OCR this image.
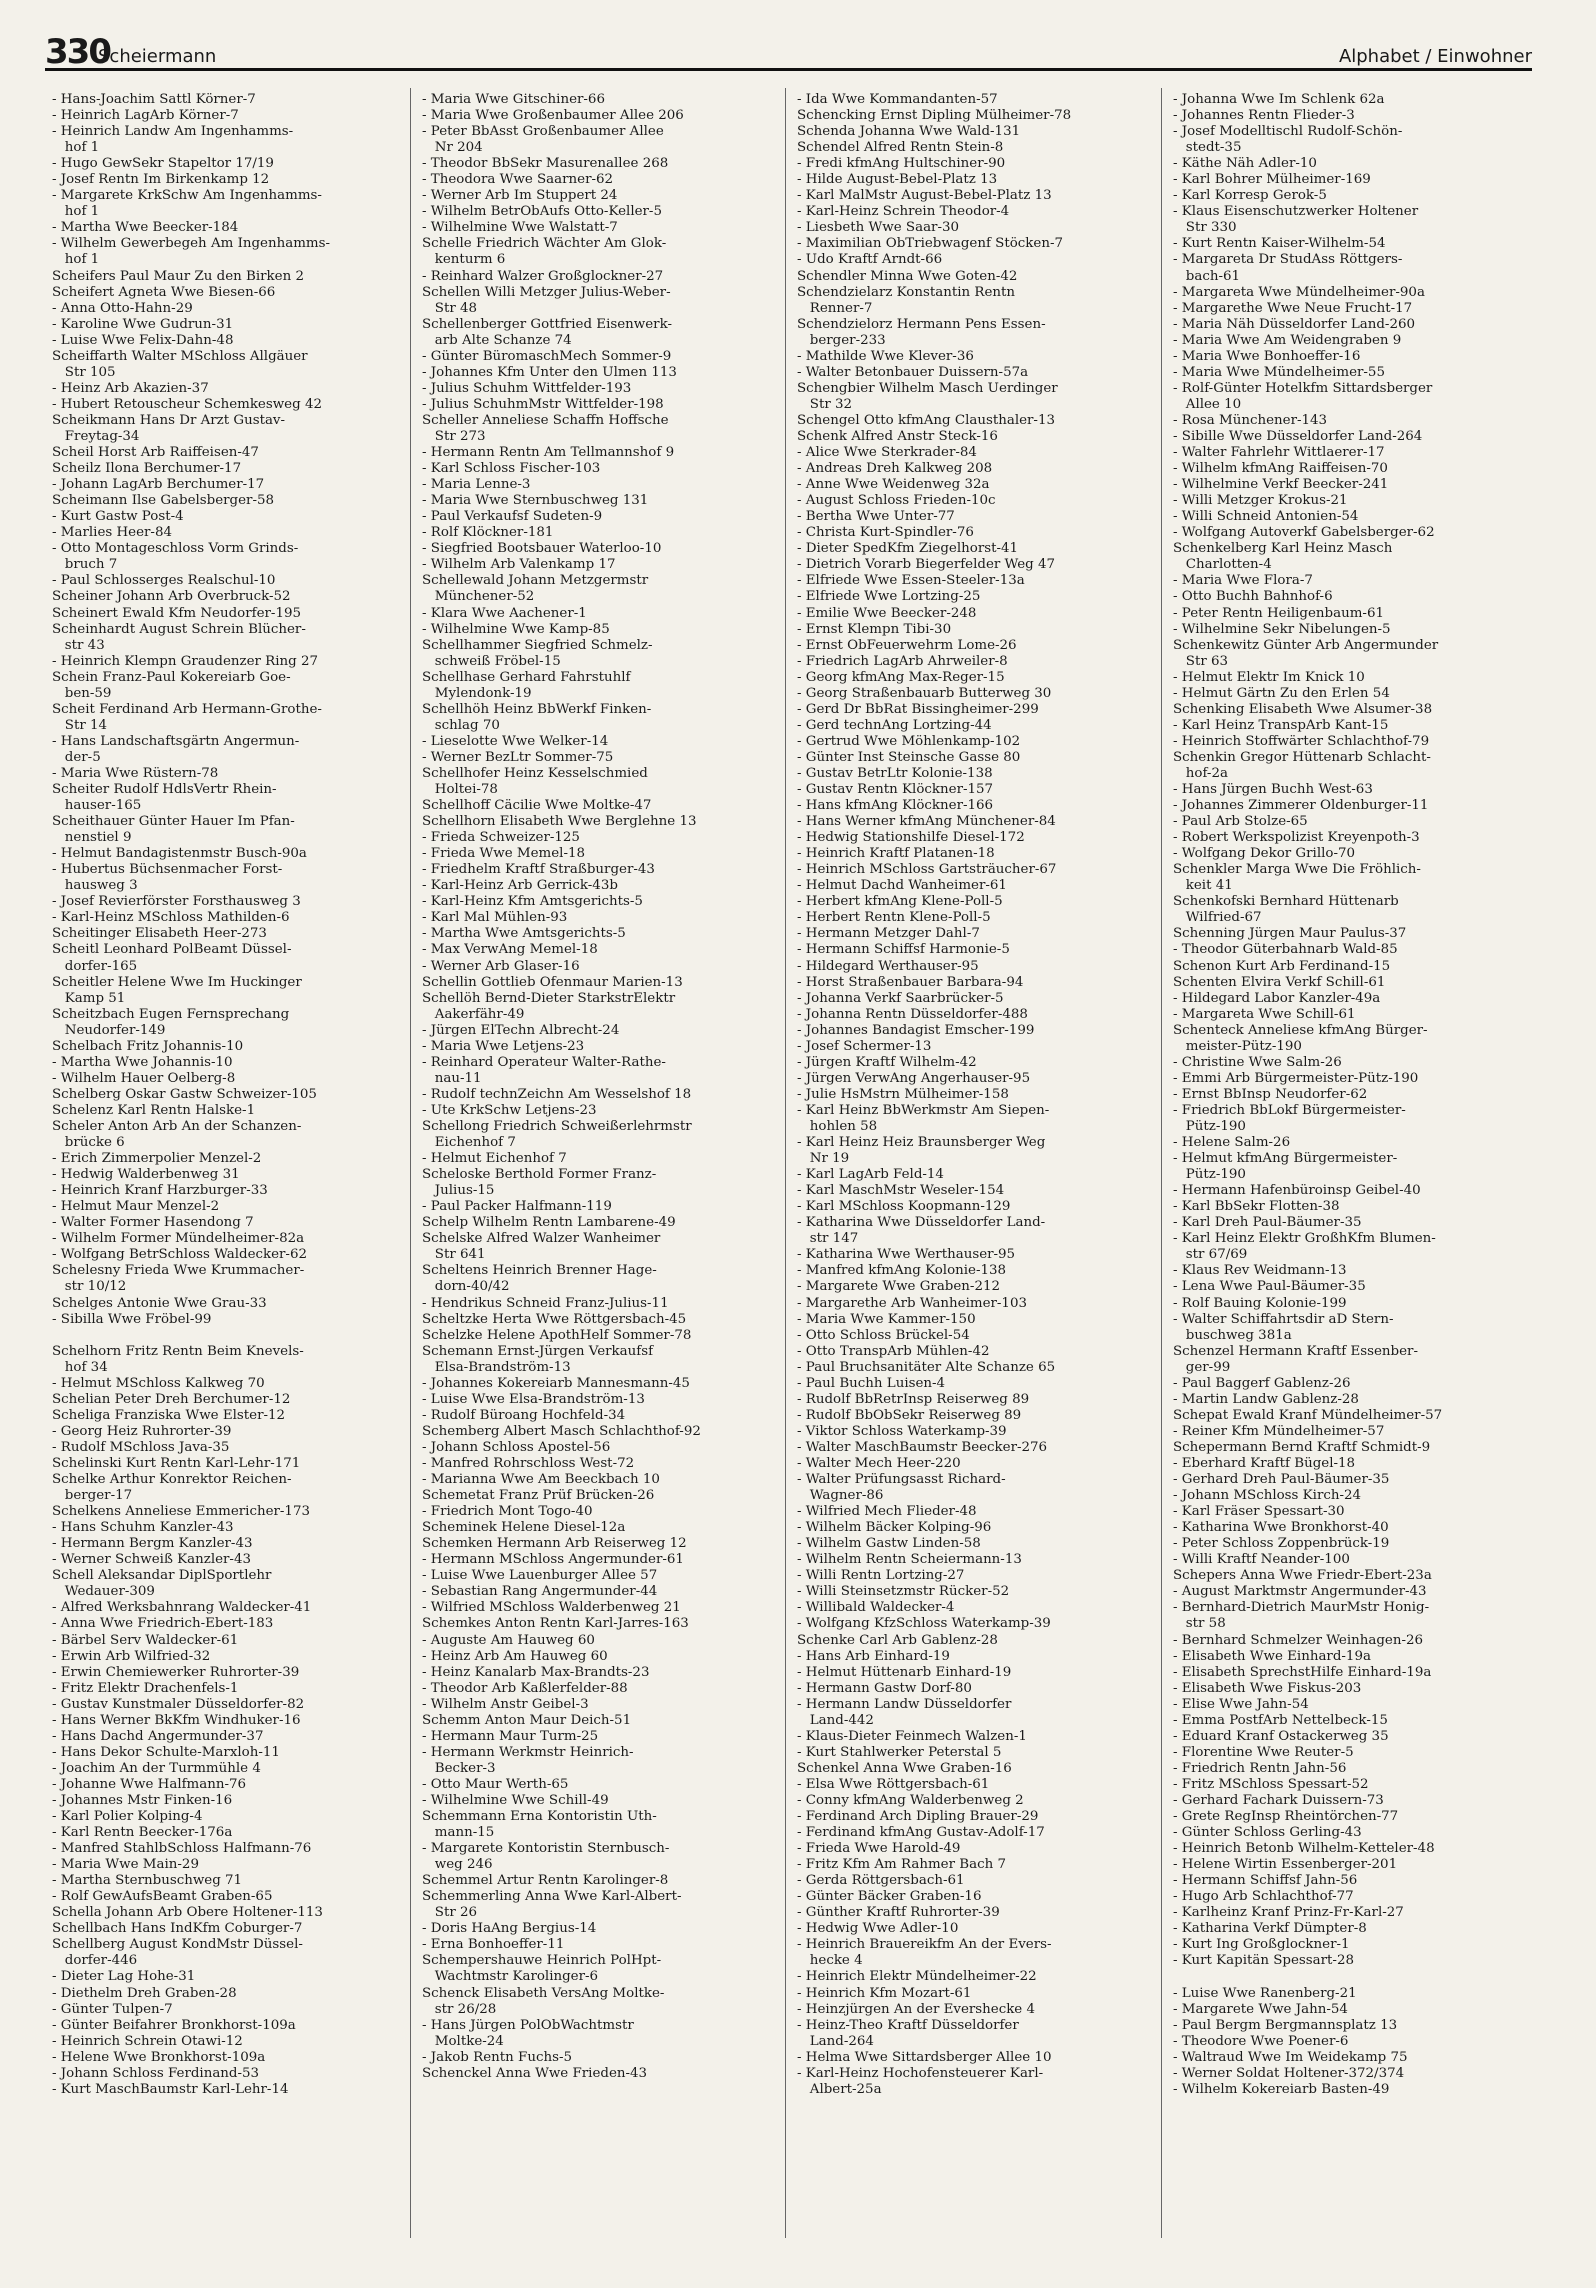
330
Scheiermann	Alphabet / Einwohner
- Hans-Joachim Sattl Körner-7
- Heinrich LagArb Körner-7
- Heinrich Landw Am Ingenhamms-
hof 1
- Hugo GewSekr Stapeltor 17/19
- Josef Rentn Im Birkenkamp 12
- Margarete KrkSchw Am Ingenhamms-
hof 1
- Martha Wwe Beecker-184
- Wilhelm Gewerbegeh Am Ingenhamms-
hof 1
Scheifers Paul Maur Zu den Birken 2
Scheifert Agneta Wwe Biesen-66
- Anna Otto-Hahn-29
- Karoline Wwe Gudrun-31
- Luise Wwe Felix-Dahn-48
Scheiffarth Walter MSchloss Allgäuer
Str 105
- Heinz Arb Akazien-37
- Hubert Retouscheur Schemkesweg 42
Scheikmann Hans Dr Arzt Gustav-
Freytag-34
Scheil Horst Arb Raiffeisen-47
Scheilz Ilona Berchumer-17
- Johann LagArb Berchumer-17
Scheimann Ilse Gabelsberger-58
- Kurt Gastw Post-4
- Marlies Heer-84
- Otto Montageschloss Vorm Grinds-
bruch 7
- Paul Schlosserges Realschul-10
Scheiner Johann Arb Overbruck-52
Scheinert Ewald Kfm Neudorfer-195
Scheinhardt August Schrein Blücher-
str 43
- Heinrich Klempn Graudenzer Ring 27
Schein Franz-Paul Kokereiarb Goe-
ben-59
Scheit Ferdinand Arb Hermann-Grothe-
Str 14
- Hans Landschaftsgärtn Angermun-
der-5
- Maria Wwe Rüstern-78
Scheiter Rudolf HdlsVertr Rhein-
hauser-165
Scheithauer Günter Hauer Im Pfan-
nenstiel 9
- Helmut Bandagistenmstr Busch-90a
- Hubertus Büchsenmacher Forst-
hausweg 3
- Josef Revierförster Forsthausweg 3
- Karl-Heinz MSchloss Mathilden-6
Scheitinger Elisabeth Heer-273
Scheitl Leonhard PolBeamt Düssel-
dorfer-165
Scheitler Helene Wwe Im Huckinger
Kamp 51
Scheitzbach Eugen Fernsprechang
Neudorfer-149
Schelbach Fritz Johannis-10
- Martha Wwe Johannis-10
- Wilhelm Hauer Oelberg-8
Schelberg Oskar Gastw Schweizer-105
Schelenz Karl Rentn Halske-1
Scheler Anton Arb An der Schanzen-
brücke 6
- Erich Zimmerpolier Menzel-2
- Hedwig Walderbenweg 31
- Heinrich Kranf Harzburger-33
- Helmut Maur Menzel-2
- Walter Former Hasendong 7
- Wilhelm Former Mündelheimer-82a
- Wolfgang BetrSchloss Waldecker-62
Schelesny Frieda Wwe Krummacher-
str 10/12
Schelges Antonie Wwe Grau-33
- Sibilla Wwe Fröbel-99

Schelhorn Fritz Rentn Beim Knevels-
hof 34
- Helmut MSchloss Kalkweg 70
Schelian Peter Dreh Berchumer-12
Scheliga Franziska Wwe Elster-12
- Georg Heiz Ruhrorter-39
- Rudolf MSchloss Java-35
Schelinski Kurt Rentn Karl-Lehr-171
Schelke Arthur Konrektor Reichen-
berger-17
Schelkens Anneliese Emmericher-173
- Hans Schuhm Kanzler-43
- Hermann Bergm Kanzler-43
- Werner Schweiß Kanzler-43
Schell Aleksandar DiplSportlehr
Wedauer-309
- Alfred Werksbahnrang Waldecker-41
- Anna Wwe Friedrich-Ebert-183
- Bärbel Serv Waldecker-61
- Erwin Arb Wilfried-32
- Erwin Chemiewerker Ruhrorter-39
- Fritz Elektr Drachenfels-1
- Gustav Kunstmaler Düsseldorfer-82
- Hans Werner BkKfm Windhuker-16
- Hans Dachd Angermunder-37
- Hans Dekor Schulte-Marxloh-11
- Joachim An der Turmmühle 4
- Johanne Wwe Halfmann-76
- Johannes Mstr Finken-16
- Karl Polier Kolping-4
- Karl Rentn Beecker-176a
- Manfred StahlbSchloss Halfmann-76
- Maria Wwe Main-29
- Martha Sternbuschweg 71
- Rolf GewAufsBeamt Graben-65
Schella Johann Arb Obere Holtener-113
Schellbach Hans IndKfm Coburger-7
Schellberg August KondMstr Düssel-
dorfer-446
- Dieter Lag Hohe-31
- Diethelm Dreh Graben-28
- Günter Tulpen-7
- Günter Beifahrer Bronkhorst-109a
- Heinrich Schrein Otawi-12
- Helene Wwe Bronkhorst-109a
- Johann Schloss Ferdinand-53
- Kurt MaschBaumstr Karl-Lehr-14
- Maria Wwe Gitschiner-66
- Maria Wwe Großenbaumer Allee 206
- Peter BbAsst Großenbaumer Allee
Nr 204
- Theodor BbSekr Masurenallee 268
- Theodora Wwe Saarner-62
- Werner Arb Im Stuppert 24
- Wilhelm BetrObAufs Otto-Keller-5
- Wilhelmine Wwe Walstatt-7
Schelle Friedrich Wächter Am Glok-
kenturm 6
- Reinhard Walzer Großglockner-27
Schellen Willi Metzger Julius-Weber-
Str 48
Schellenberger Gottfried Eisenwerk-
arb Alte Schanze 74
- Günter BüromaschMech Sommer-9
- Johannes Kfm Unter den Ulmen 113
- Julius Schuhm Wittfelder-193
- Julius SchuhmMstr Wittfelder-198
Scheller Anneliese Schaffn Hoffsche
Str 273
- Hermann Rentn Am Tellmannshof 9
- Karl Schloss Fischer-103
- Maria Lenne-3
- Maria Wwe Sternbuschweg 131
- Paul Verkaufsf Sudeten-9
- Rolf Klöckner-181
- Siegfried Bootsbauer Waterloo-10
- Wilhelm Arb Valenkamp 17
Schellewald Johann Metzgermstr
Münchener-52
- Klara Wwe Aachener-1
- Wilhelmine Wwe Kamp-85
Schellhammer Siegfried Schmelz-
schweiß Fröbel-15
Schellhase Gerhard Fahrstuhlf
Mylendonk-19
Schellhöh Heinz BbWerkf Finken-
schlag 70
- Lieselotte Wwe Welker-14
- Werner BezLtr Sommer-75
Schellhofer Heinz Kesselschmied
Holtei-78
Schellhoff Cäcilie Wwe Moltke-47
Schellhorn Elisabeth Wwe Berglehne 13
- Frieda Schweizer-125
- Frieda Wwe Memel-18
- Friedhelm Kraftf Straßburger-43
- Karl-Heinz Arb Gerrick-43b
- Karl-Heinz Kfm Amtsgerichts-5
- Karl Mal Mühlen-93
- Martha Wwe Amtsgerichts-5
- Max VerwAng Memel-18
- Werner Arb Glaser-16
Schellin Gottlieb Ofenmaur Marien-13
Schellöh Bernd-Dieter StarkstrElektr
Aakerfähr-49
- Jürgen ElTechn Albrecht-24
- Maria Wwe Letjens-23
- Reinhard Operateur Walter-Rathe-
nau-11
- Rudolf technZeichn Am Wesselshof 18
- Ute KrkSchw Letjens-23
Schellong Friedrich Schweißerlehrmstr
Eichenhof 7
- Helmut Eichenhof 7
Scheloske Berthold Former Franz-
Julius-15
- Paul Packer Halfmann-119
Schelp Wilhelm Rentn Lambarene-49
Schelske Alfred Walzer Wanheimer
Str 641
Scheltens Heinrich Brenner Hage-
dorn-40/42
- Hendrikus Schneid Franz-Julius-11
Scheltzke Herta Wwe Röttgersbach-45
Schelzke Helene ApothHelf Sommer-78
Schemann Ernst-Jürgen Verkaufsf
Elsa-Brandström-13
- Johannes Kokereiarb Mannesmann-45
- Luise Wwe Elsa-Brandström-13
- Rudolf Büroang Hochfeld-34
Schemberg Albert Masch Schlachthof-92
- Johann Schloss Apostel-56
- Manfred Rohrschloss West-72
- Marianna Wwe Am Beeckbach 10
Schemetat Franz Prüf Brücken-26
- Friedrich Mont Togo-40
Scheminek Helene Diesel-12a
Schemken Hermann Arb Reiserweg 12
- Hermann MSchloss Angermunder-61
- Luise Wwe Lauenburger Allee 57
- Sebastian Rang Angermunder-44
- Wilfried MSchloss Walderbenweg 21
Schemkes Anton Rentn Karl-Jarres-163
- Auguste Am Hauweg 60
- Heinz Arb Am Hauweg 60
- Heinz Kanalarb Max-Brandts-23
- Theodor Arb Kaßlerfelder-88
- Wilhelm Anstr Geibel-3
Schemm Anton Maur Deich-51
- Hermann Maur Turm-25
- Hermann Werkmstr Heinrich-
Becker-3
- Otto Maur Werth-65
- Wilhelmine Wwe Schill-49
Schemmann Erna Kontoristin Uth-
mann-15
- Margarete Kontoristin Sternbusch-
weg 246
Schemmel Artur Rentn Karolinger-8
Schemmerling Anna Wwe Karl-Albert-
Str 26
- Doris HaAng Bergius-14
- Erna Bonhoeffer-11
Schempershauwe Heinrich PolHpt-
Wachtmstr Karolinger-6
Schenck Elisabeth VersAng Moltke-
str 26/28
- Hans Jürgen PolObWachtmstr
Moltke-24
- Jakob Rentn Fuchs-5
Schenckel Anna Wwe Frieden-43
- Ida Wwe Kommandanten-57
Schencking Ernst Dipling Mülheimer-78
Schenda Johanna Wwe Wald-131
Schendel Alfred Rentn Stein-8
- Fredi kfmAng Hultschiner-90
- Hilde August-Bebel-Platz 13
- Karl MalMstr August-Bebel-Platz 13
- Karl-Heinz Schrein Theodor-4
- Liesbeth Wwe Saar-30
- Maximilian ObTriebwagenf Stöcken-7
- Udo Kraftf Arndt-66
Schendler Minna Wwe Goten-42
Schendzielarz Konstantin Rentn
Renner-7
Schendzielorz Hermann Pens Essen-
berger-233
- Mathilde Wwe Klever-36
- Walter Betonbauer Duissern-57a
Schengbier Wilhelm Masch Uerdinger
Str 32
Schengel Otto kfmAng Clausthaler-13
Schenk Alfred Anstr Steck-16
- Alice Wwe Sterkrader-84
- Andreas Dreh Kalkweg 208
- Anne Wwe Weidenweg 32a
- August Schloss Frieden-10c
- Bertha Wwe Unter-77
- Christa Kurt-Spindler-76
- Dieter SpedKfm Ziegelhorst-41
- Dietrich Vorarb Biegerfelder Weg 47
- Elfriede Wwe Essen-Steeler-13a
- Elfriede Wwe Lortzing-25
- Emilie Wwe Beecker-248
- Ernst Klempn Tibi-30
- Ernst ObFeuerwehrm Lome-26
- Friedrich LagArb Ahrweiler-8
- Georg kfmAng Max-Reger-15
- Georg Straßenbauarb Butterweg 30
- Gerd Dr BbRat Bissingheimer-299
- Gerd technAng Lortzing-44
- Gertrud Wwe Möhlenkamp-102
- Günter Inst Steinsche Gasse 80
- Gustav BetrLtr Kolonie-138
- Gustav Rentn Klöckner-157
- Hans kfmAng Klöckner-166
- Hans Werner kfmAng Münchener-84
- Hedwig Stationshilfe Diesel-172
- Heinrich Kraftf Platanen-18
- Heinrich MSchloss Gartsträucher-67
- Helmut Dachd Wanheimer-61
- Herbert kfmAng Klene-Poll-5
- Herbert Rentn Klene-Poll-5
- Hermann Metzger Dahl-7
- Hermann Schiffsf Harmonie-5
- Hildegard Werthauser-95
- Horst Straßenbauer Barbara-94
- Johanna Verkf Saarbrücker-5
- Johanna Rentn Düsseldorfer-488
- Johannes Bandagist Emscher-199
- Josef Schermer-13
- Jürgen Kraftf Wilhelm-42
- Jürgen VerwAng Angerhauser-95
- Julie HsMstrn Mülheimer-158
- Karl Heinz BbWerkmstr Am Siepen-
hohlen 58
- Karl Heinz Heiz Braunsberger Weg
Nr 19
- Karl LagArb Feld-14
- Karl MaschMstr Weseler-154
- Karl MSchloss Koopmann-129
- Katharina Wwe Düsseldorfer Land-
str 147
- Katharina Wwe Werthauser-95
- Manfred kfmAng Kolonie-138
- Margarete Wwe Graben-212
- Margarethe Arb Wanheimer-103
- Maria Wwe Kammer-150
- Otto Schloss Brückel-54
- Otto TranspArb Mühlen-42
- Paul Bruchsanitäter Alte Schanze 65
- Paul Buchh Luisen-4
- Rudolf BbRetrInsp Reiserweg 89
- Rudolf BbObSekr Reiserweg 89
- Viktor Schloss Waterkamp-39
- Walter MaschBaumstr Beecker-276
- Walter Mech Heer-220
- Walter Prüfungsasst Richard-
Wagner-86
- Wilfried Mech Flieder-48
- Wilhelm Bäcker Kolping-96
- Wilhelm Gastw Linden-58
- Wilhelm Rentn Scheiermann-13
- Willi Rentn Lortzing-27
- Willi Steinsetzmstr Rücker-52
- Willibald Waldecker-4
- Wolfgang KfzSchloss Waterkamp-39
Schenke Carl Arb Gablenz-28
- Hans Arb Einhard-19
- Helmut Hüttenarb Einhard-19
- Hermann Gastw Dorf-80
- Hermann Landw Düsseldorfer
Land-442
- Klaus-Dieter Feinmech Walzen-1
- Kurt Stahlwerker Peterstal 5
Schenkel Anna Wwe Graben-16
- Elsa Wwe Röttgersbach-61
- Conny kfmAng Walderbenweg 2
- Ferdinand Arch Dipling Brauer-29
- Ferdinand kfmAng Gustav-Adolf-17
- Frieda Wwe Harold-49
- Fritz Kfm Am Rahmer Bach 7
- Gerda Röttgersbach-61
- Günter Bäcker Graben-16
- Günther Kraftf Ruhrorter-39
- Hedwig Wwe Adler-10
- Heinrich Brauereikfm An der Evers-
hecke 4
- Heinrich Elektr Mündelheimer-22
- Heinrich Kfm Mozart-61
- Heinzjürgen An der Evershecke 4
- Heinz-Theo Kraftf Düsseldorfer
Land-264
- Helma Wwe Sittardsberger Allee 10
- Karl-Heinz Hochofensteuerer Karl-
Albert-25a
- Johanna Wwe Im Schlenk 62a
- Johannes Rentn Flieder-3
- Josef Modelltischl Rudolf-Schön-
stedt-35
- Käthe Näh Adler-10
- Karl Bohrer Mülheimer-169
- Karl Korresp Gerok-5
- Klaus Eisenschutzwerker Holtener
Str 330
- Kurt Rentn Kaiser-Wilhelm-54
- Margareta Dr StudAss Röttgers-
bach-61
- Margareta Wwe Mündelheimer-90a
- Margarethe Wwe Neue Frucht-17
- Maria Näh Düsseldorfer Land-260
- Maria Wwe Am Weidengraben 9
- Maria Wwe Bonhoeffer-16
- Maria Wwe Mündelheimer-55
- Rolf-Günter Hotelkfm Sittardsberger
Allee 10
- Rosa Münchener-143
- Sibille Wwe Düsseldorfer Land-264
- Walter Fahrlehr Wittlaerer-17
- Wilhelm kfmAng Raiffeisen-70
- Wilhelmine Verkf Beecker-241
- Willi Metzger Krokus-21
- Willi Schneid Antonien-54
- Wolfgang Autoverkf Gabelsberger-62
Schenkelberg Karl Heinz Masch
Charlotten-4
- Maria Wwe Flora-7
- Otto Buchh Bahnhof-6
- Peter Rentn Heiligenbaum-61
- Wilhelmine Sekr Nibelungen-5
Schenkewitz Günter Arb Angermunder
Str 63
- Helmut Elektr Im Knick 10
- Helmut Gärtn Zu den Erlen 54
Schenking Elisabeth Wwe Alsumer-38
- Karl Heinz TranspArb Kant-15
- Heinrich Stoffwärter Schlachthof-79
Schenkin Gregor Hüttenarb Schlacht-
hof-2a
- Hans Jürgen Buchh West-63
- Johannes Zimmerer Oldenburger-11
- Paul Arb Stolze-65
- Robert Werkspolizist Kreyenpoth-3
- Wolfgang Dekor Grillo-70
Schenkler Marga Wwe Die Fröhlich-
keit 41
Schenkofski Bernhard Hüttenarb
Wilfried-67
Schenning Jürgen Maur Paulus-37
- Theodor Güterbahnarb Wald-85
Schenon Kurt Arb Ferdinand-15
Schenten Elvira Verkf Schill-61
- Hildegard Labor Kanzler-49a
- Margareta Wwe Schill-61
Schenteck Anneliese kfmAng Bürger-
meister-Pütz-190
- Christine Wwe Salm-26
- Emmi Arb Bürgermeister-Pütz-190
- Ernst BbInsp Neudorfer-62
- Friedrich BbLokf Bürgermeister-
Pütz-190
- Helene Salm-26
- Helmut kfmAng Bürgermeister-
Pütz-190
- Hermann Hafenbüroinsp Geibel-40
- Karl BbSekr Flotten-38
- Karl Dreh Paul-Bäumer-35
- Karl Heinz Elektr GroßhKfm Blumen-
str 67/69
- Klaus Rev Weidmann-13
- Lena Wwe Paul-Bäumer-35
- Rolf Bauing Kolonie-199
- Walter Schiffahrtsdir aD Stern-
buschweg 381a
Schenzel Hermann Kraftf Essenber-
ger-99
- Paul Baggerf Gablenz-26
- Martin Landw Gablenz-28
Schepat Ewald Kranf Mündelheimer-57
- Reiner Kfm Mündelheimer-57
Schepermann Bernd Kraftf Schmidt-9
- Eberhard Kraftf Bügel-18
- Gerhard Dreh Paul-Bäumer-35
- Johann MSchloss Kirch-24
- Karl Fräser Spessart-30
- Katharina Wwe Bronkhorst-40
- Peter Schloss Zoppenbrück-19
- Willi Kraftf Neander-100
Schepers Anna Wwe Friedr-Ebert-23a
- August Marktmstr Angermunder-43
- Bernhard-Dietrich MaurMstr Honig-
str 58
- Bernhard Schmelzer Weinhagen-26
- Elisabeth Wwe Einhard-19a
- Elisabeth SprechstHilfe Einhard-19a
- Elisabeth Wwe Fiskus-203
- Elise Wwe Jahn-54
- Emma PostfArb Nettelbeck-15
- Eduard Kranf Ostackerweg 35
- Florentine Wwe Reuter-5
- Friedrich Rentn Jahn-56
- Fritz MSchloss Spessart-52
- Gerhard Fachark Duissern-73
- Grete RegInsp Rheintörchen-77
- Günter Schloss Gerling-43
- Heinrich Betonb Wilhelm-Ketteler-48
- Helene Wirtin Essenberger-201
- Hermann Schiffsf Jahn-56
- Hugo Arb Schlachthof-77
- Karlheinz Kranf Prinz-Fr-Karl-27
- Katharina Verkf Dümpter-8
- Kurt Ing Großglockner-1
- Kurt Kapitän Spessart-28

- Luise Wwe Ranenberg-21
- Margarete Wwe Jahn-54
- Paul Bergm Bergmannsplatz 13
- Theodore Wwe Poener-6
- Waltraud Wwe Im Weidekamp 75
- Werner Soldat Holtener-372/374
- Wilhelm Kokereiarb Basten-49
